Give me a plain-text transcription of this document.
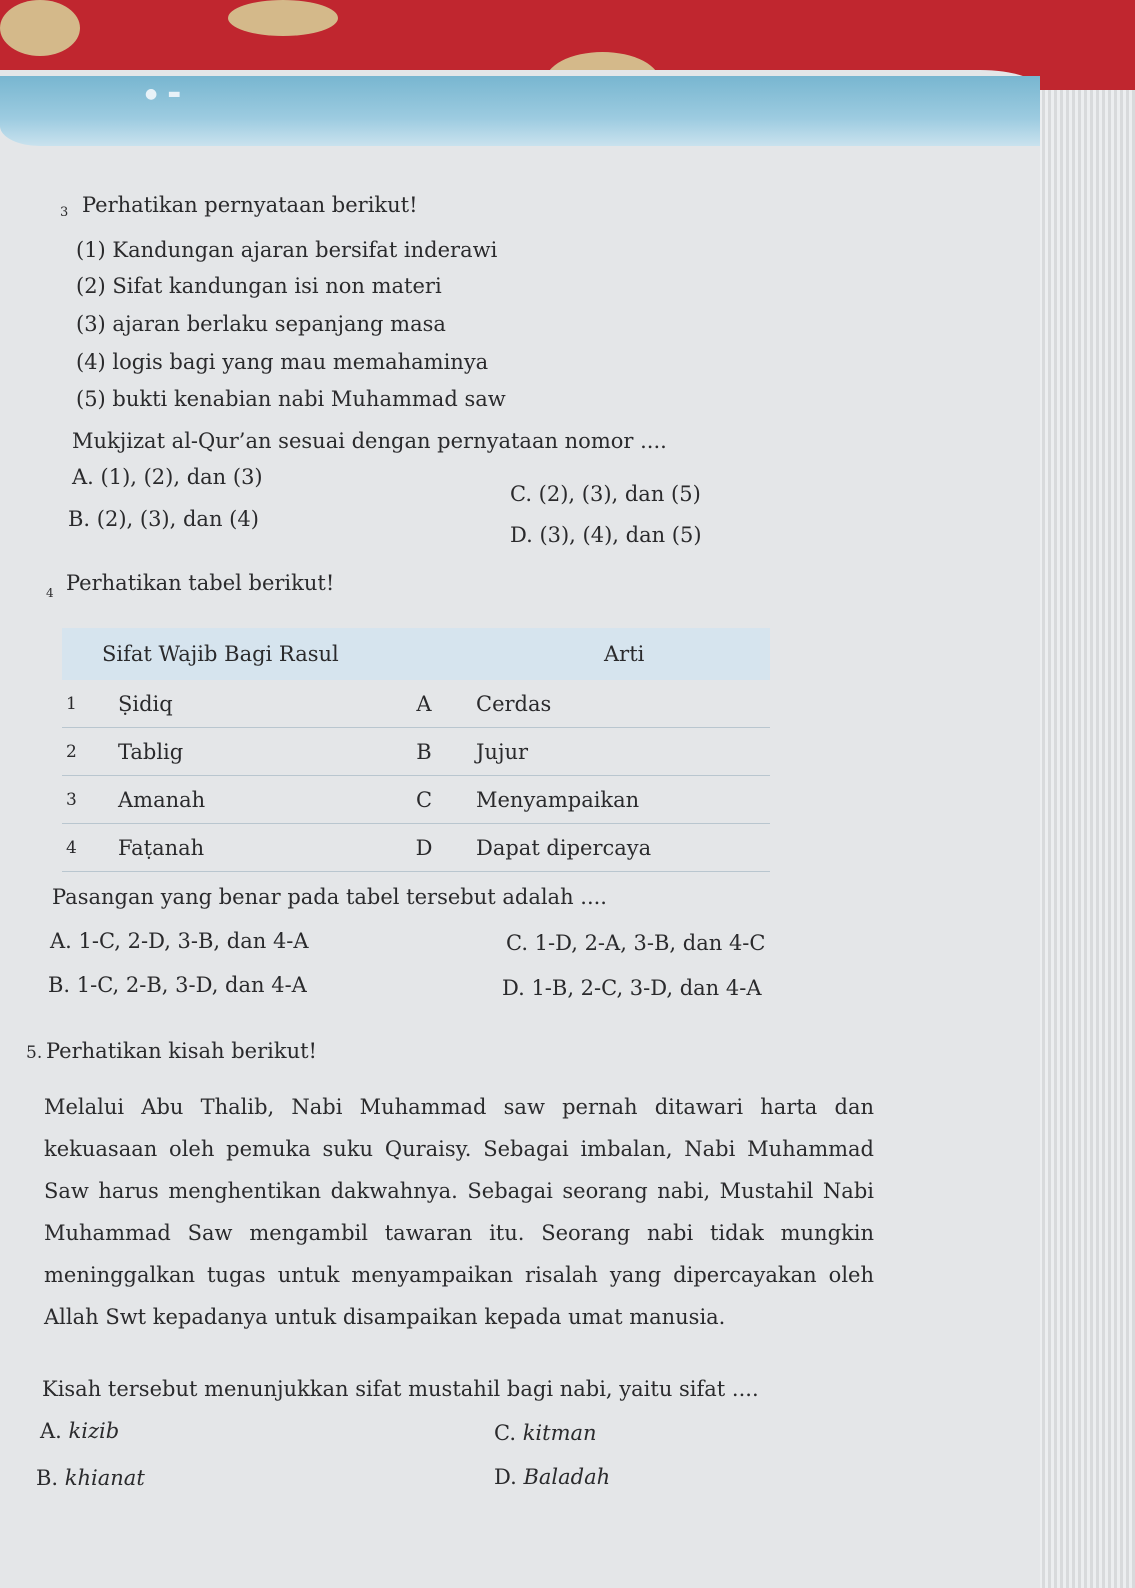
● ▬
3 Perhatikan pernyataan berikut!
(1) Kandungan ajaran bersifat inderawi
(2) Sifat kandungan isi non materi
(3) ajaran berlaku sepanjang masa
(4) logis bagi yang mau memahaminya
(5) bukti kenabian nabi Muhammad saw
Mukjizat al-Qur’an sesuai dengan pernyataan nomor ....
A. (1), (2), dan (3)
B. (2), (3), dan (4)
C. (2), (3), dan (5)
D. (3), (4), dan (5)
4 Perhatikan tabel berikut!
Sifat Wajib Bagi Rasul			Arti
1	Ṣidiq	A	Cerdas
2	Tablig	B	Jujur
3	Amanah	C	Menyampaikan
4	Faṭanah	D	Dapat dipercaya
Pasangan yang benar pada tabel tersebut adalah ....
A. 1-C, 2-D, 3-B, dan 4-A
B. 1-C, 2-B, 3-D, dan 4-A
C. 1-D, 2-A, 3-B, dan 4-C
D. 1-B, 2-C, 3-D, dan 4-A
5. Perhatikan kisah berikut!

Melalui Abu Thalib, Nabi Muhammad saw pernah ditawari harta dan kekuasaan oleh pemuka suku Quraisy. Sebagai imbalan, Nabi Muhammad Saw harus menghentikan dakwahnya. Sebagai seorang nabi, Mustahil Nabi Muhammad Saw mengambil tawaran itu. Seorang nabi tidak mungkin meninggalkan tugas untuk menyampaikan risalah yang dipercayakan oleh Allah Swt kepadanya untuk disampaikan kepada umat manusia.

Kisah tersebut menunjukkan sifat mustahil bagi nabi, yaitu sifat ....
A. kizib
B. khianat
C. kitman
D. Baladah
